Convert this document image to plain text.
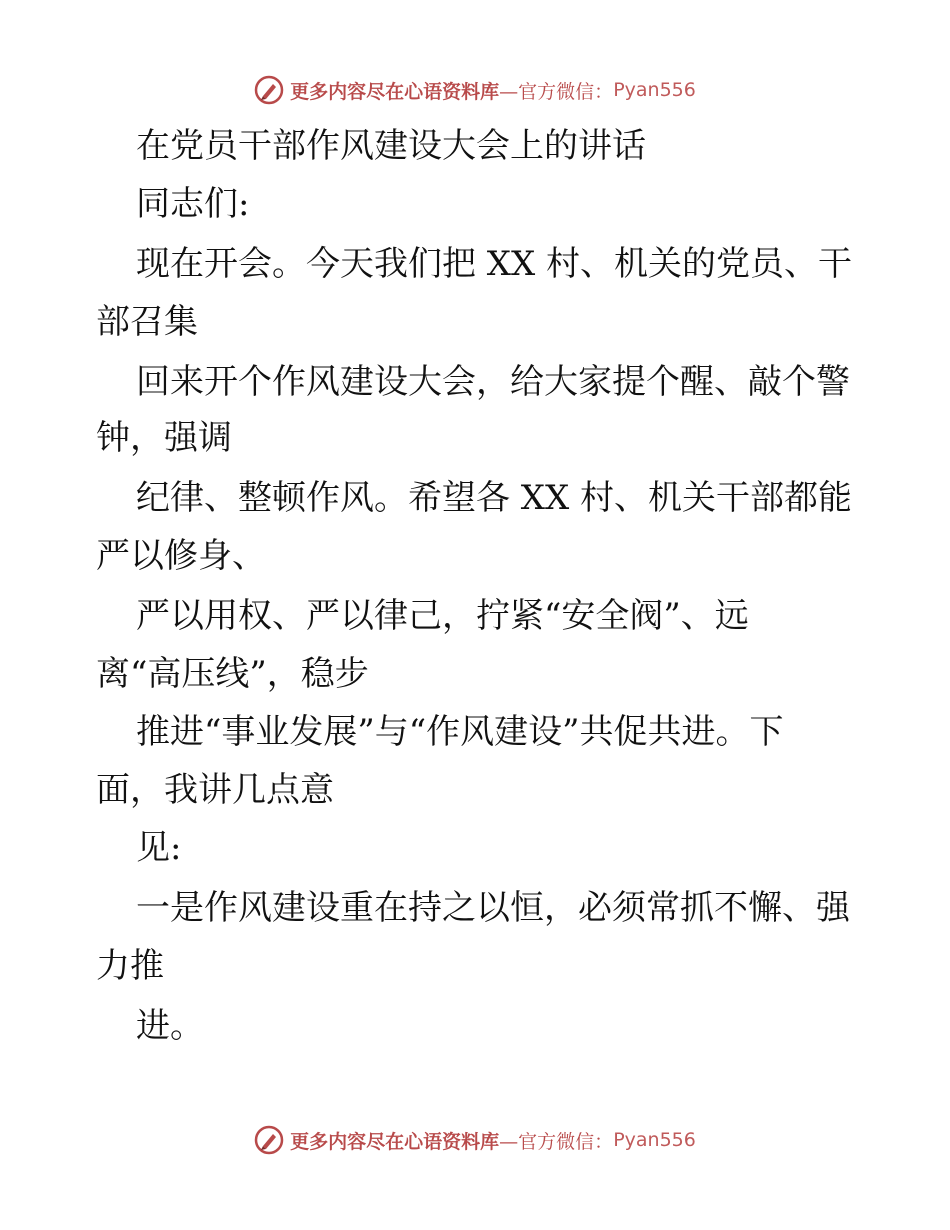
更多内容尽在心语资料库 —官方微信： Pyan556
在党员干部作风建设大会上的讲话
同志们:
现在开会。今天我们把 XX 村、机关的党员、干
部召集
回来开个作风建设大会，给大家提个醒、敲个警
钟，强调
纪律、整顿作风。希望各 XX 村、机关干部都能
严以修身、
严以用权、严以律己，拧紧“安全阀”、远
离“高压线”，稳步
推进“事业发展”与“作风建设”共促共进。下
面，我讲几点意
见:
一是作风建设重在持之以恒，必须常抓不懈、强
力推
进。
更多内容尽在心语资料库 —官方微信： Pyan556
